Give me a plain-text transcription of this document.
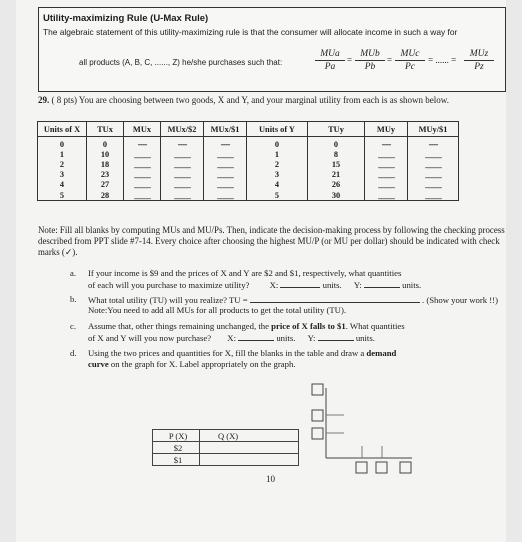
Utility-maximizing Rule (U-Max Rule)
The algebraic statement of this utility-maximizing rule is that the consumer will allocate income in such a way for
all products (A, B, C, ......, Z) he/she purchases such that:
MUa
Pa
=
MUb
Pb
=
MUc
Pc
= ...... =
MUz
Pz
29. ( 8 pts) You are choosing between two goods, X and Y, and your marginal utility from each is as shown below.
Units of X	TUx	MUx	MUx/$2	MUx/$1	Units of Y	TUy	MUy	MUy/$1
0	0	-----	-----	-----	0	0	-----	-----
1	10	_____	_____	_____	1	8	_____	_____
2	18	_____	_____	_____	2	15	_____	_____
3	23	_____	_____	_____	3	21	_____	_____
4	27	_____	_____	_____	4	26	_____	_____
5	28	_____	_____	_____	5	30	_____	_____
Note: Fill all blanks by computing MUs and MU/Ps. Then, indicate the decision-making process by following the checking process described from PPT slide #7-14. Every choice after choosing the highest MU/P (or MU per dollar) should be indicated with check marks (✓).
a. If your income is $9 and the prices of X and Y are $2 and $1, respectively, what quantities
of each will you purchase to maximize utility? X:	units. Y:	units.
b. What total utility (TU) will you realize? TU =	. (Show your work !!)
Note:You need to add all MUs for all products to get the total utility (TU).
c. Assume that, other things remaining unchanged, the price of X falls to $1. What quantities
of X and Y will you now purchase? X:	units. Y:	units.
d. Using the two prices and quantities for X, fill the blanks in the table and draw a demand
curve on the graph for X. Label appropriately on the graph.
P (X)	Q (X)
$2	
$1	
10
